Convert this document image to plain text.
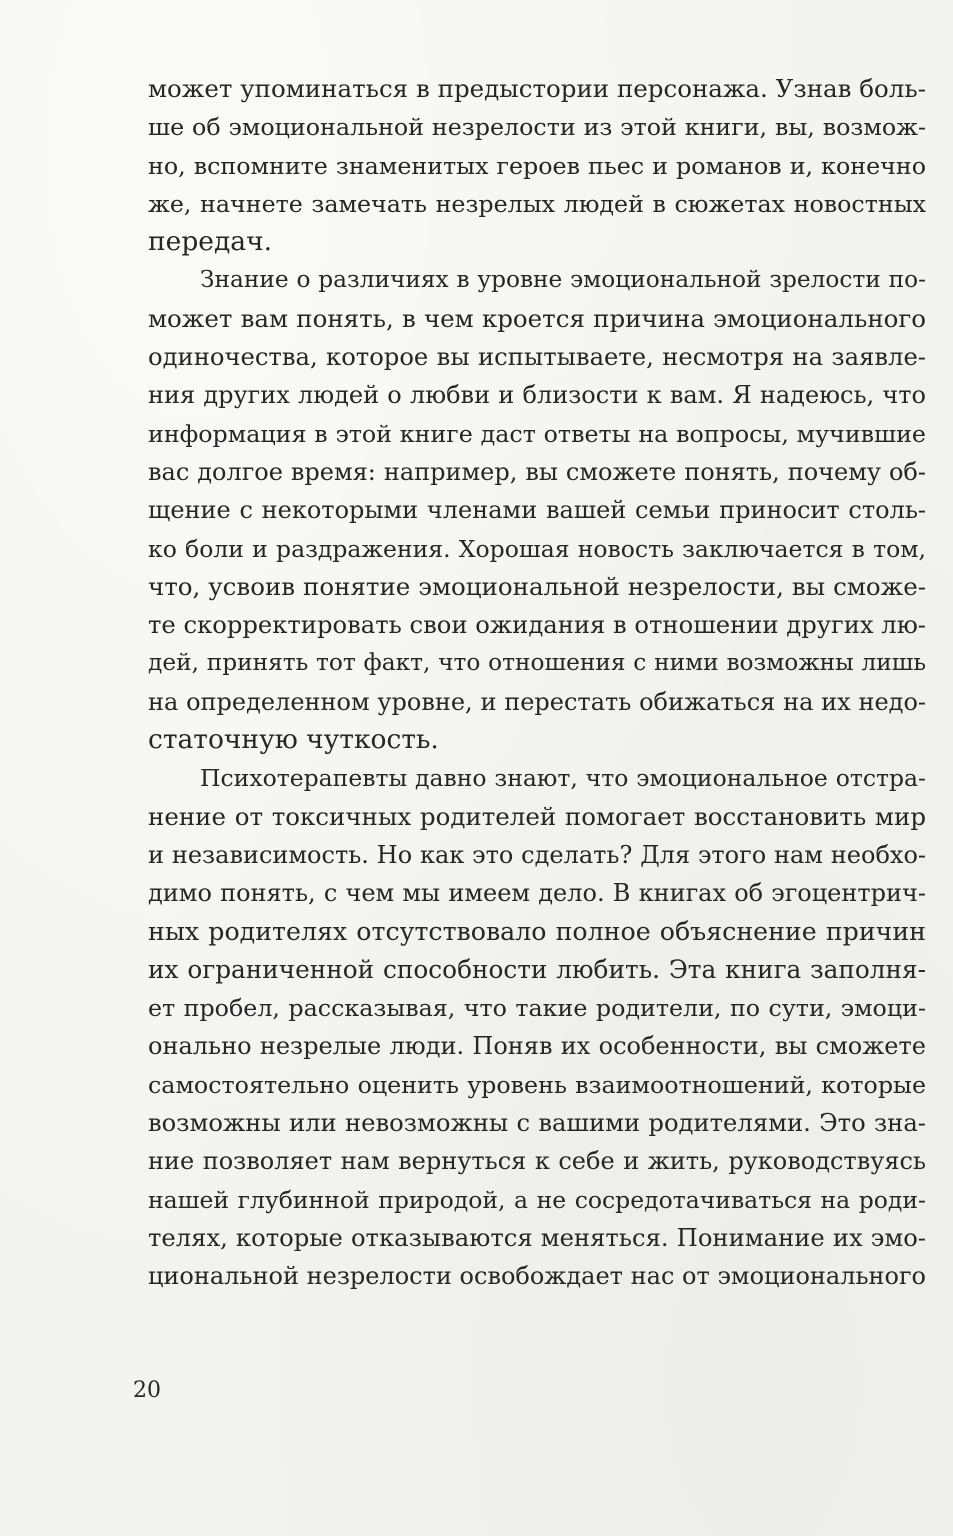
может упоминаться в предыстории персонажа. Узнав боль-
ше об эмоциональной незрелости из этой книги, вы, возмож-
но, вспомните знаменитых героев пьес и романов и, конечно
же, начнете замечать незрелых людей в сюжетах новостных
передач.

Знание о различиях в уровне эмоциональной зрелости по-
может вам понять, в чем кроется причина эмоционального
одиночества, которое вы испытываете, несмотря на заявле-
ния других людей о любви и близости к вам. Я надеюсь, что
информация в этой книге даст ответы на вопросы, мучившие
вас долгое время: например, вы сможете понять, почему об-
щение с некоторыми членами вашей семьи приносит столь-
ко боли и раздражения. Хорошая новость заключается в том,
что, усвоив понятие эмоциональной незрелости, вы сможе-
те скорректировать свои ожидания в отношении других лю-
дей, принять тот факт, что отношения с ними возможны лишь
на определенном уровне, и перестать обижаться на их недо-
статочную чуткость.

Психотерапевты давно знают, что эмоциональное отстра-
нение от токсичных родителей помогает восстановить мир
и независимость. Но как это сделать? Для этого нам необхо-
димо понять, с чем мы имеем дело. В книгах об эгоцентрич-
ных родителях отсутствовало полное объяснение причин
их ограниченной способности любить. Эта книга заполня-
ет пробел, рассказывая, что такие родители, по сути, эмоци-
онально незрелые люди. Поняв их особенности, вы сможете
самостоятельно оценить уровень взаимоотношений, которые
возможны или невозможны с вашими родителями. Это зна-
ние позволяет нам вернуться к себе и жить, руководствуясь
нашей глубинной природой, а не сосредотачиваться на роди-
телях, которые отказываются меняться. Понимание их эмо-
циональной незрелости освобождает нас от эмоционального

20
